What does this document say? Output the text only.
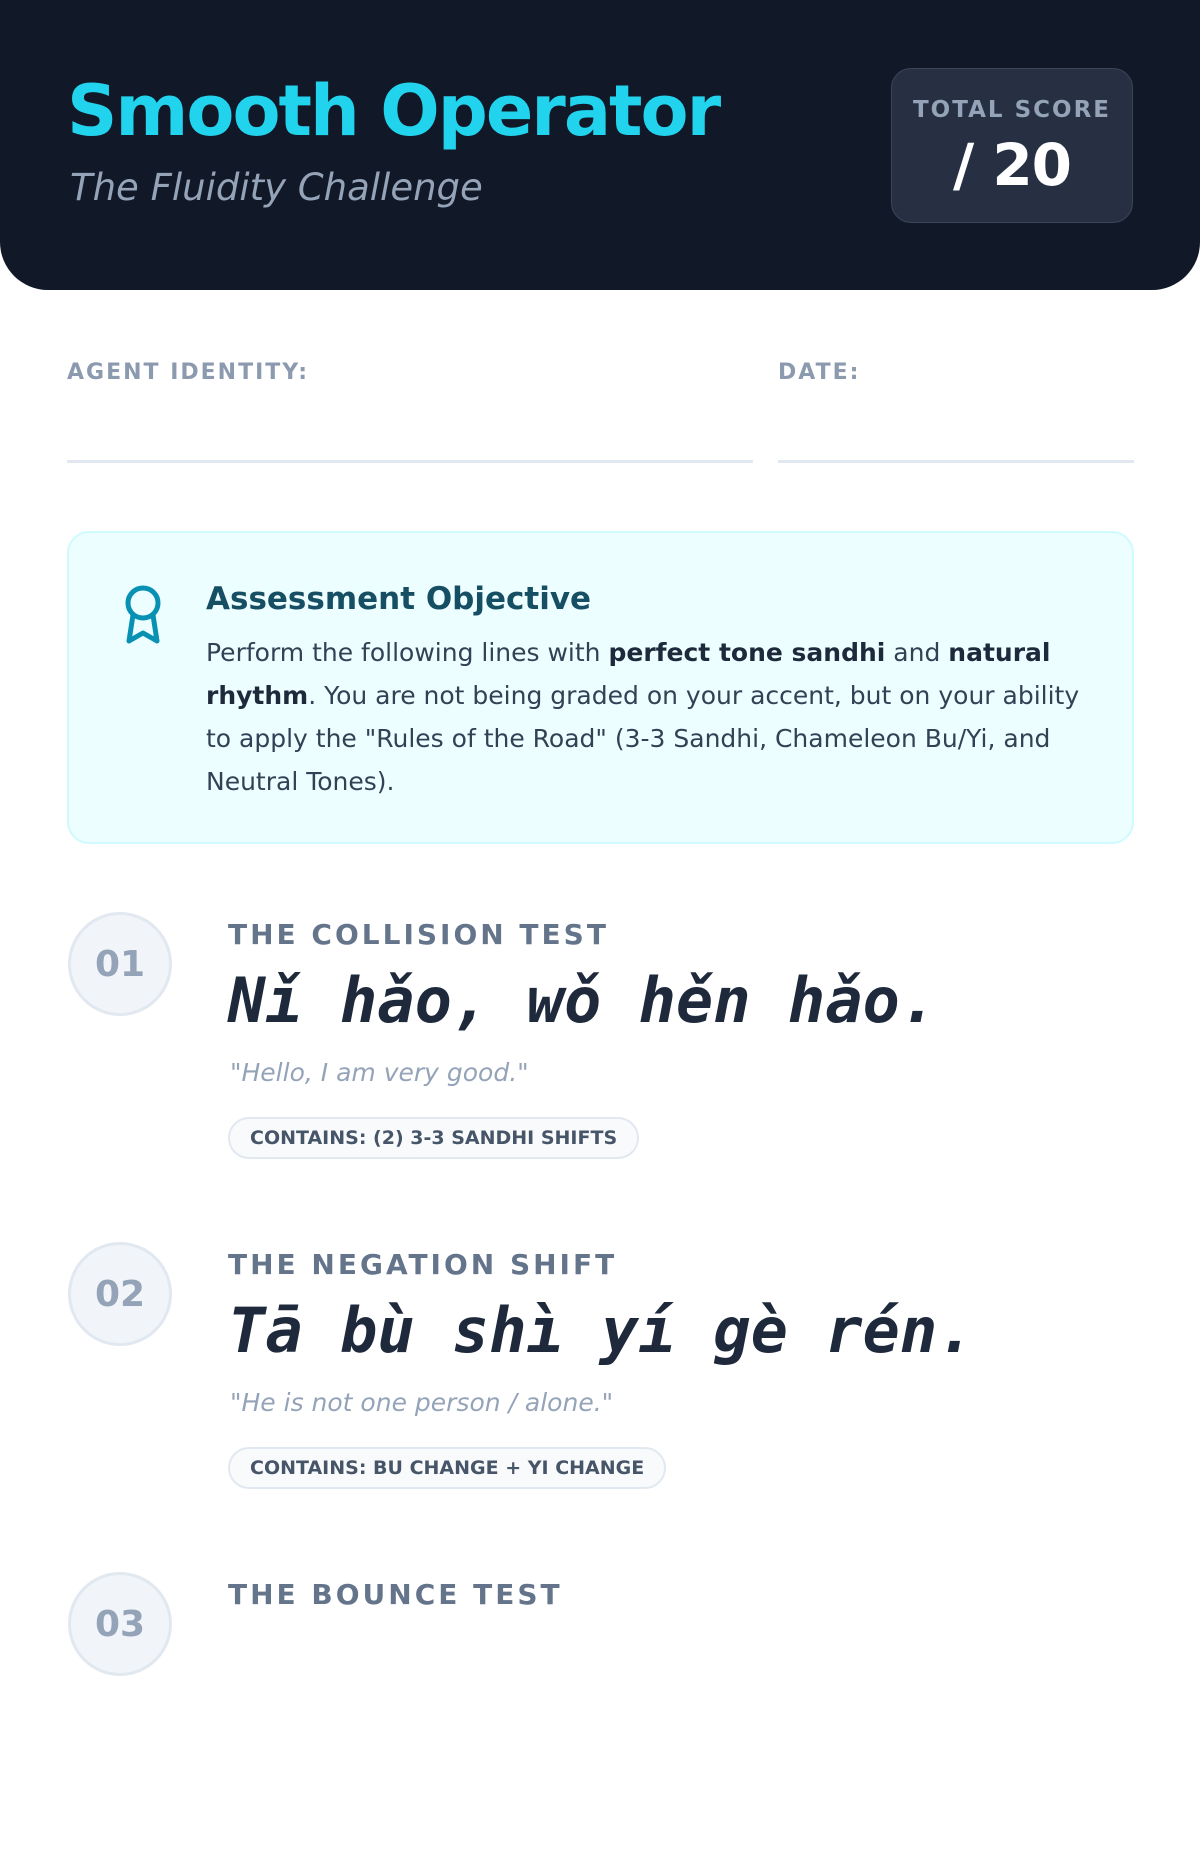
Smooth Operator
The Fluidity Challenge
TOTAL SCORE
/ 20
AGENT IDENTITY:	DATE:
Assessment Objective
Perform the following lines with perfect tone sandhi and natural rhythm. You are not being graded on your accent, but on your ability to apply the "Rules of the Road" (3-3 Sandhi, Chameleon Bu/Yi, and Neutral Tones).
01
THE COLLISION TEST
Nǐ hǎo, wǒ hěn hǎo.
"Hello, I am very good."
CONTAINS: (2) 3-3 SANDHI SHIFTS
02
THE NEGATION SHIFT
Tā bù shì yí gè rén.
"He is not one person / alone."
CONTAINS: BU CHANGE + YI CHANGE
03
THE BOUNCE TEST
